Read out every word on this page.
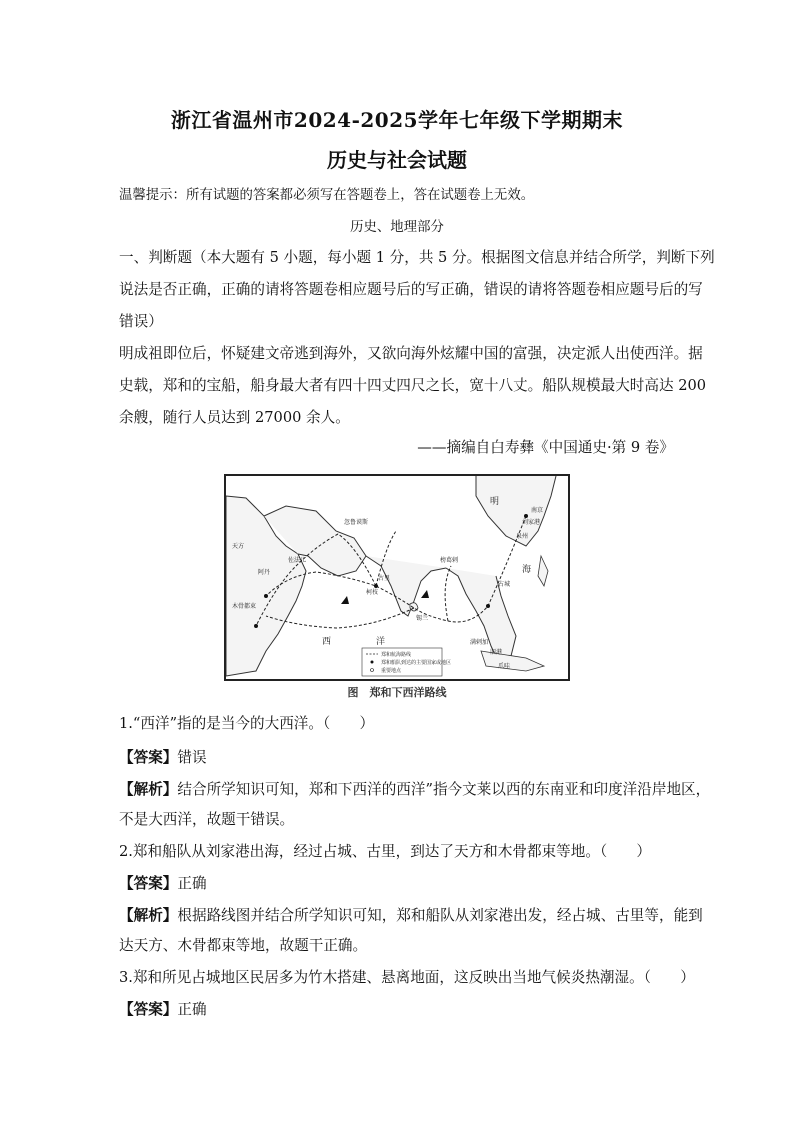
浙江省温州市2024-2025学年七年级下学期期末
历史与社会试题
温馨提示：所有试题的答案都必须写在答题卷上，答在试题卷上无效。
历史、地理部分
一、判断题（本大题有 5 小题，每小题 1 分，共 5 分。根据图文信息并结合所学，判断下列
说法是否正确，正确的请将答题卷相应题号后的写正确，错误的请将答题卷相应题号后的写
错误）
明成祖即位后，怀疑建文帝逃到海外，又欲向海外炫耀中国的富强，决定派人出使西洋。据
史载，郑和的宝船，船身最大者有四十四丈四尺之长，宽十八丈。船队规模最大时高达 200
余艘，随行人员达到 27000 余人。
——摘编自白寿彝《中国通史·第 9 卷》
明
南京
刘家港
泉州
天方
佐法儿
阿丹
木骨都束
忽鲁谟斯
古里
柯枝
榜葛剌
锡兰
占城
满剌加
旧港
爪哇
西	洋
海
郑和航海路线
郑和船队到达的主要国家或地区
重要地点
图　郑和下西洋路线
1.“西洋”指的是当今的大西洋。（　　）
【答案】错误
【解析】结合所学知识可知，郑和下西洋的西洋”指今文莱以西的东南亚和印度洋沿岸地区，
不是大西洋，故题干错误。
2.郑和船队从刘家港出海，经过占城、古里，到达了天方和木骨都束等地。（　　）
【答案】正确
【解析】根据路线图并结合所学知识可知，郑和船队从刘家港出发，经占城、古里等，能到
达天方、木骨都束等地，故题干正确。
3.郑和所见占城地区民居多为竹木搭建、悬离地面，这反映出当地气候炎热潮湿。（　　）
【答案】正确
